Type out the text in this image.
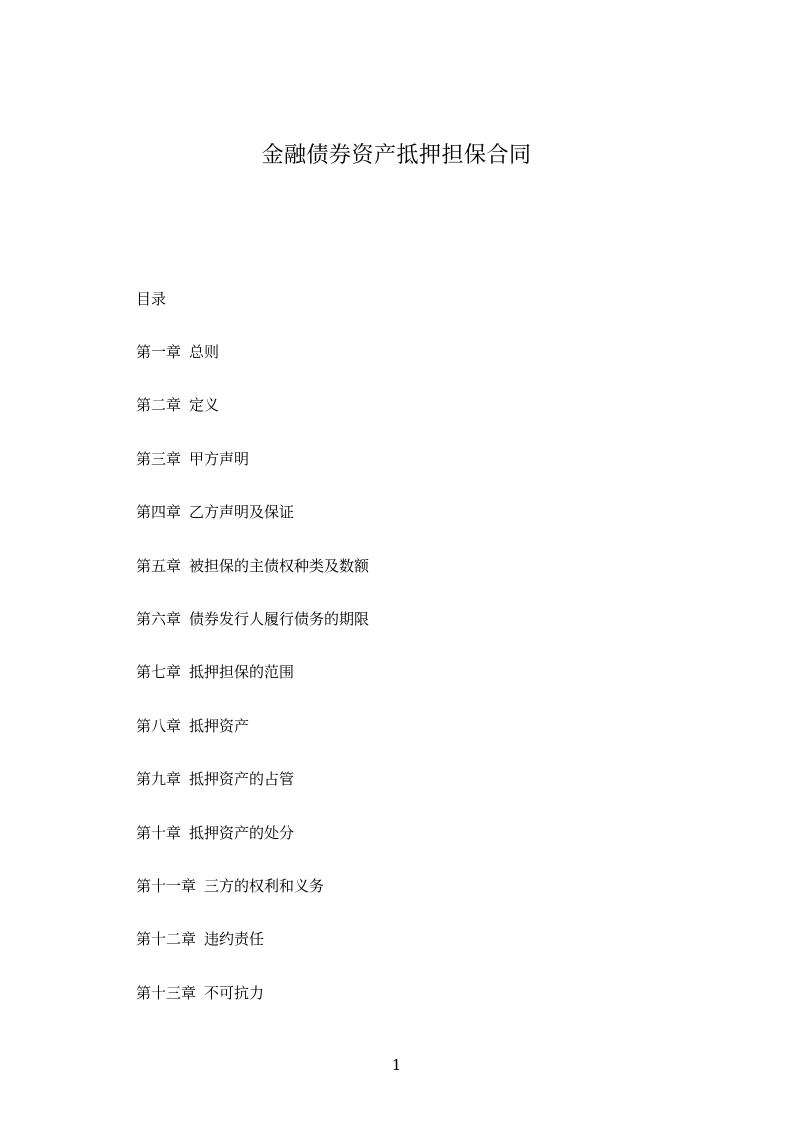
金融债券资产抵押担保合同
目录
第一章 总则
第二章 定义
第三章 甲方声明
第四章 乙方声明及保证
第五章 被担保的主债权种类及数额
第六章 债券发行人履行债务的期限
第七章 抵押担保的范围
第八章 抵押资产
第九章 抵押资产的占管
第十章 抵押资产的处分
第十一章 三方的权利和义务
第十二章 违约责任
第十三章 不可抗力
1
